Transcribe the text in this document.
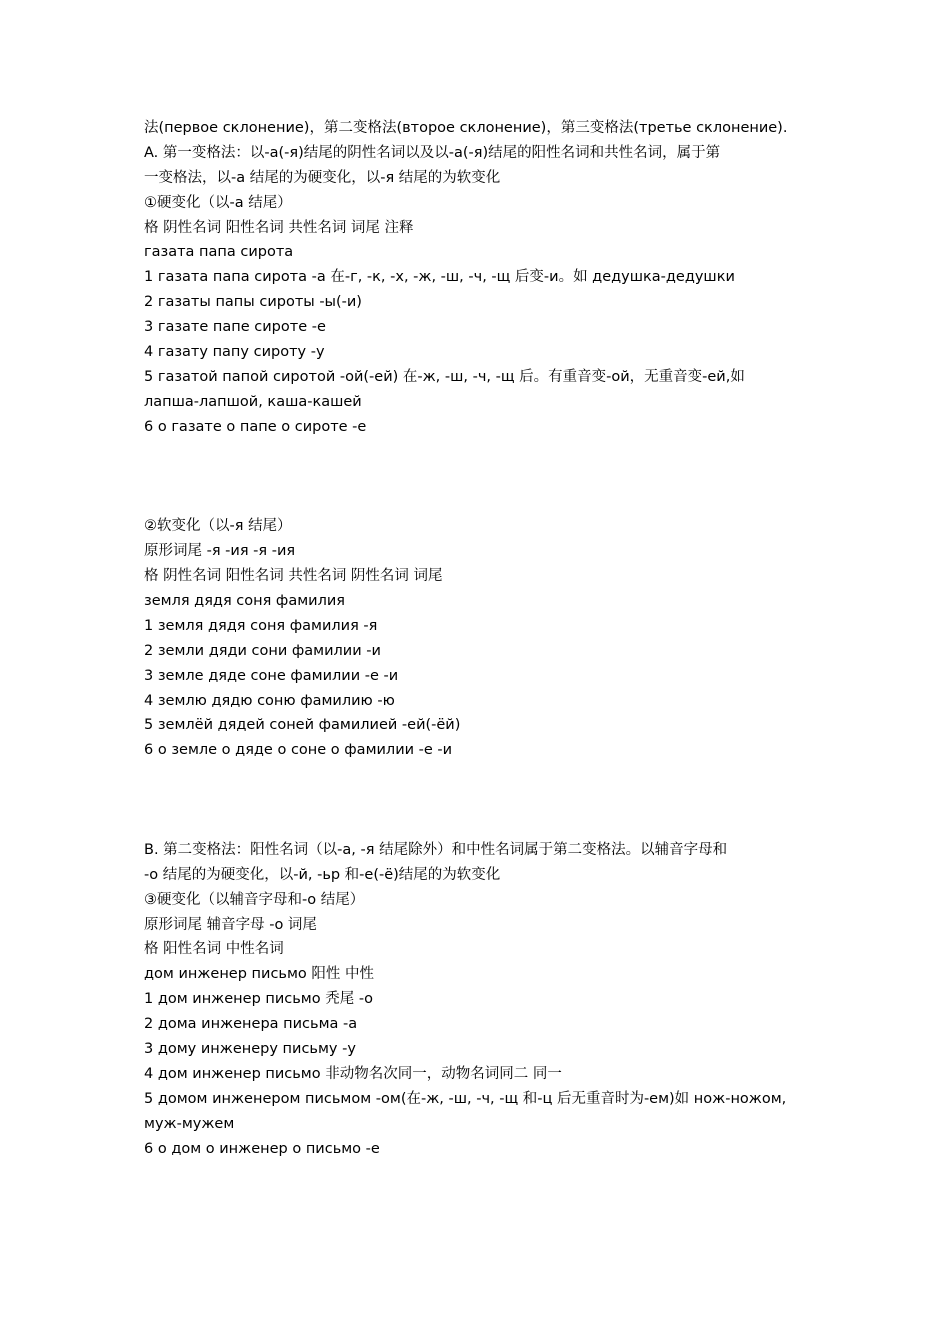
法(первое склонение)，第二变格法(второе склонение)，第三变格法(третье склонение).
A. 第一变格法：以-а(-я)结尾的阴性名词以及以-а(-я)结尾的阳性名词和共性名词，属于第
一变格法，以-а 结尾的为硬变化，以-я 结尾的为软变化
①硬变化（以-а 结尾）
格 阴性名词 阳性名词 共性名词 词尾 注释
газата папа сирота
1 газата папа сирота -а 在-г, -к, -х, -ж, -ш, -ч, -щ 后变-и。如 дедушка-дедушки
2 газаты папы сироты -ы(-и)
3 газате папе сироте -е
4 газату папу сироту -у
5 газатой папой сиротой -ой(-ей) 在-ж, -ш, -ч, -щ 后。有重音变-ой，无重音变-ей,如
лапша-лапшой, каша-кашей
6 о газате о папе о сироте -е
②软变化（以-я 结尾）
原形词尾 -я -ия -я -ия
格 阴性名词 阳性名词 共性名词 阴性名词 词尾
земля дядя соня фамилия
1 земля дядя соня фамилия -я
2 земли дяди сони фамилии -и
3 земле дяде соне фамилии -е -и
4 землю дядю соню фамилию -ю
5 землёй дядей соней фамилией -ей(-ёй)
6 о земле о дяде о соне о фамилии -е -и
B. 第二变格法：阳性名词（以-а, -я 结尾除外）和中性名词属于第二变格法。以辅音字母和
-о 结尾的为硬变化，以-й, -ьр 和-е(-ё)结尾的为软变化
③硬变化（以辅音字母和-о 结尾）
原形词尾 辅音字母 -о 词尾
格 阳性名词 中性名词
дом инженер письмо 阳性 中性
1 дом инженер письмо 秃尾 -о
2 дома инженера письма -а
3 дому инженеру письму -у
4 дом инженер письмо 非动物名次同一，动物名词同二 同一
5 домом инженером письмом -ом(在-ж, -ш, -ч, -щ 和-ц 后无重音时为-ем)如 нож-ножом,
муж-мужем
6 о дом о инженер о письмо -е
